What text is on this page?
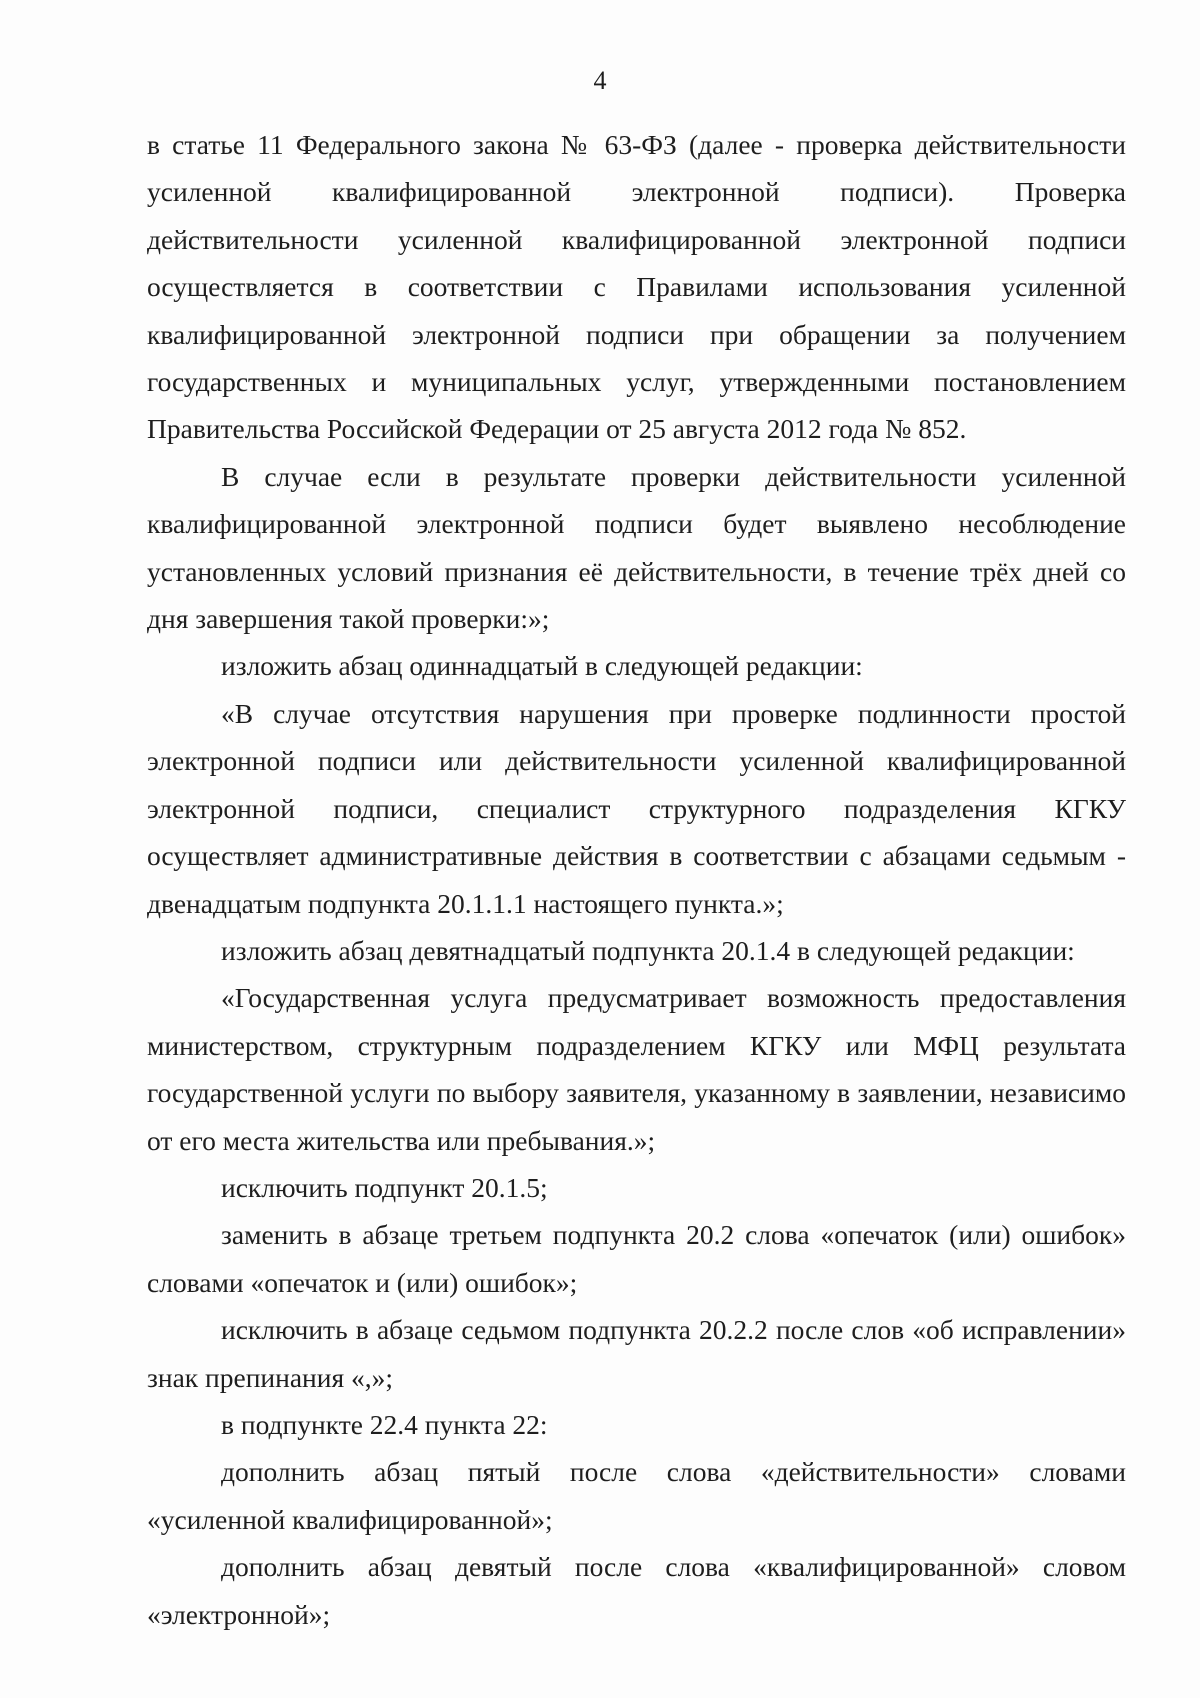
4

в статье 11 Федерального закона № 63-ФЗ (далее - проверка действительности усиленной квалифицированной электронной подписи). Проверка действительности усиленной квалифицированной электронной подписи осуществляется в соответствии с Правилами использования усиленной квалифицированной электронной подписи при обращении за получением государственных и муниципальных услуг, утвержденными постановлением Правительства Российской Федерации от 25 августа 2012 года № 852.

В случае если в результате проверки действительности усиленной квалифицированной электронной подписи будет выявлено несоблюдение установленных условий признания её действительности, в течение трёх дней со дня завершения такой проверки:»;

изложить абзац одиннадцатый в следующей редакции:

«В случае отсутствия нарушения при проверке подлинности простой электронной подписи или действительности усиленной квалифицированной электронной подписи, специалист структурного подразделения КГКУ осуществляет административные действия в соответствии с абзацами седьмым - двенадцатым подпункта 20.1.1.1 настоящего пункта.»;

изложить абзац девятнадцатый подпункта 20.1.4 в следующей редакции:

«Государственная услуга предусматривает возможность предоставления министерством, структурным подразделением КГКУ или МФЦ результата государственной услуги по выбору заявителя, указанному в заявлении, независимо от его места жительства или пребывания.»;

исключить подпункт 20.1.5;

заменить в абзаце третьем подпункта 20.2 слова «опечаток (или) ошибок» словами «опечаток и (или) ошибок»;

исключить в абзаце седьмом подпункта 20.2.2 после слов «об исправлении» знак препинания «,»;

в подпункте 22.4 пункта 22:

дополнить абзац пятый после слова «действительности» словами «усиленной квалифицированной»;

дополнить абзац девятый после слова «квалифицированной» словом «электронной»;
